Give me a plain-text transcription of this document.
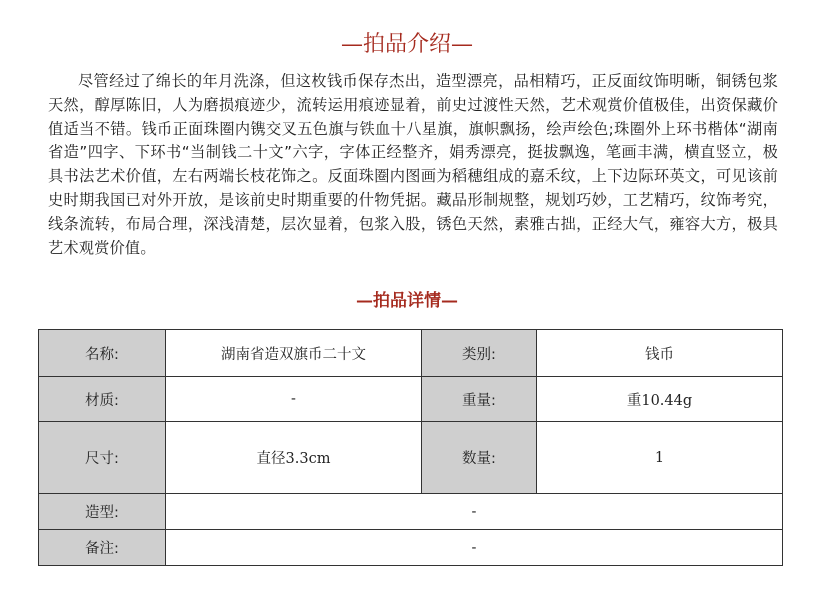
—拍品介绍—

尽管经过了绵长的年月洗涤，但这枚钱币保存杰出，造型漂亮，品相精巧，正反面纹饰明晰，铜锈包浆天然，醇厚陈旧，人为磨损痕迹少，流转运用痕迹显着，前史过渡性天然，艺术观赏价值极佳，出资保藏价值适当不错。钱币正面珠圈内镌交叉五色旗与铁血十八星旗，旗帜飘扬，绘声绘色;珠圈外上环书楷体“湖南省造”四字、下环书“当制钱二十文”六字，字体正经整齐，娟秀漂亮，挺拔飘逸，笔画丰满，横直竖立，极具书法艺术价值，左右两端长枝花饰之。反面珠圈内图画为稻穗组成的嘉禾纹，上下边际环英文，可见该前史时期我国已对外开放，是该前史时期重要的什物凭据。藏品形制规整，规划巧妙，工艺精巧，纹饰考究，线条流转，布局合理，深浅清楚，层次显着，包浆入股，锈色天然，素雅古拙，正经大气，雍容大方，极具艺术观赏价值。

—拍品详情—
名称:	湖南省造双旗币二十文	类别:	钱币
材质:	-	重量:	重10.44g
尺寸:	直径3.3cm	数量:	1
造型:	-		
备注:	-		
